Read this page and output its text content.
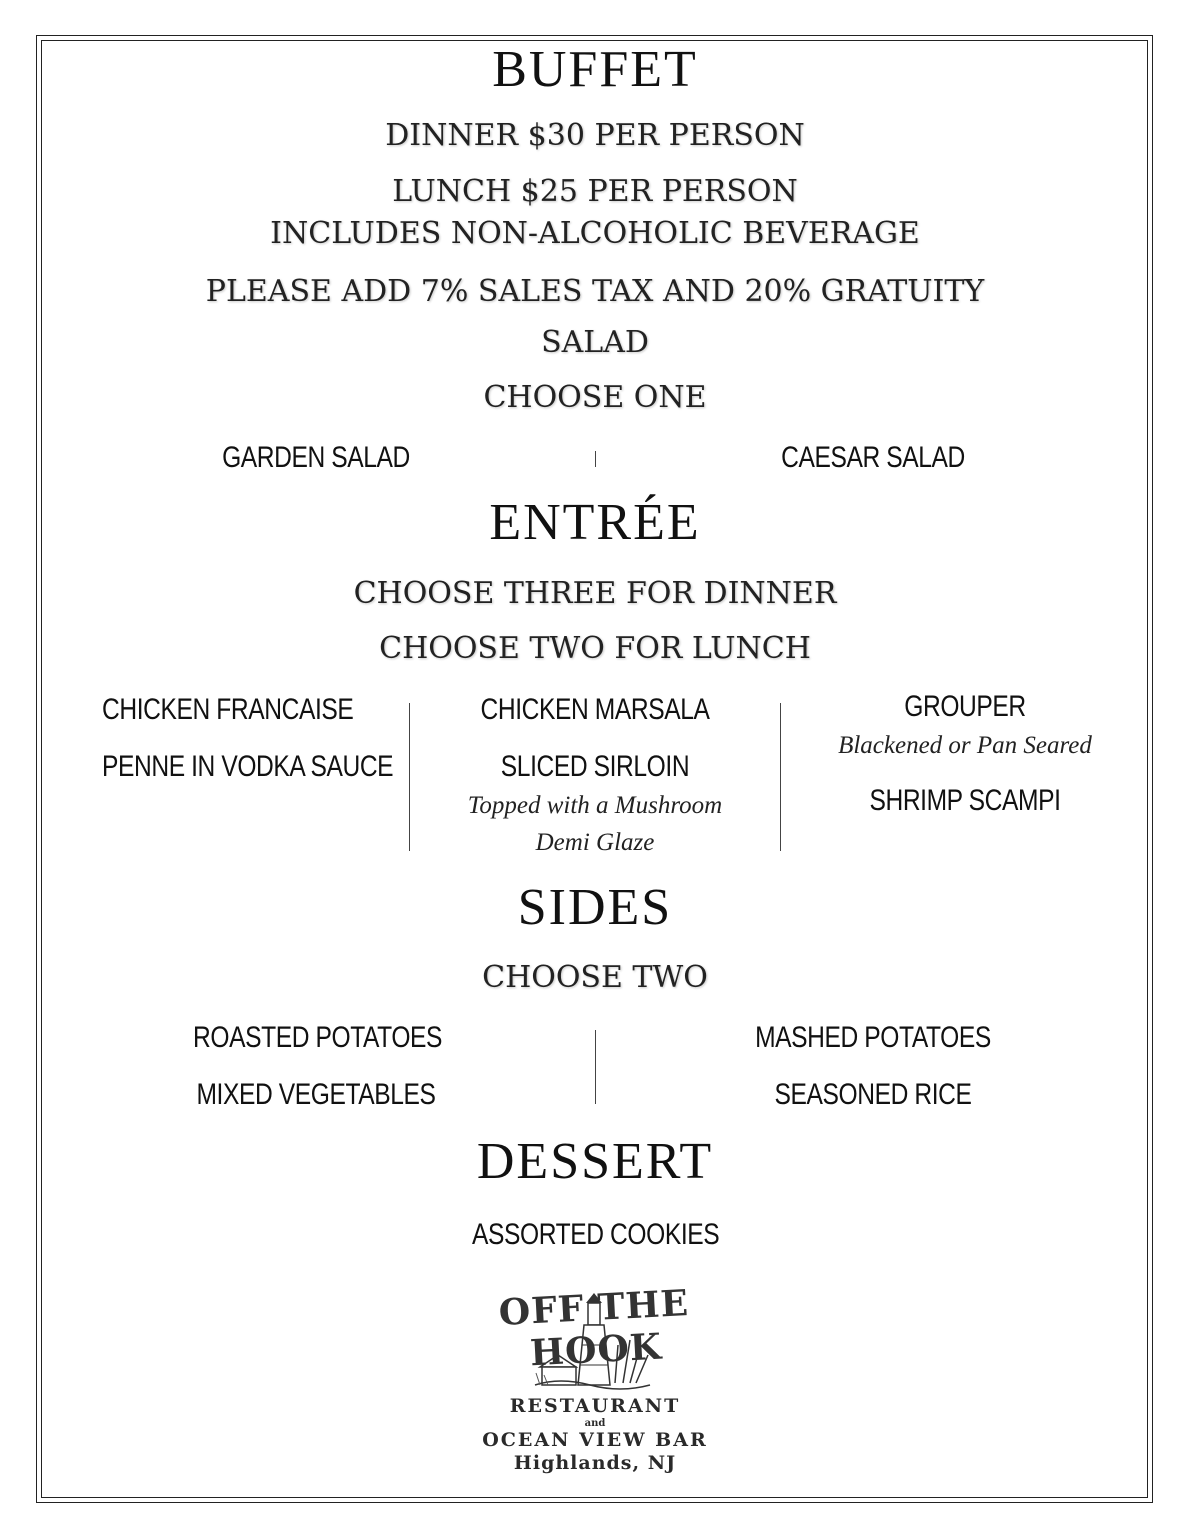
BUFFET
DINNER $30 PER PERSON
LUNCH $25 PER PERSON
INCLUDES NON-ALCOHOLIC BEVERAGE
PLEASE ADD 7% SALES TAX AND 20% GRATUITY
SALAD
CHOOSE ONE
GARDEN SALAD	CAESAR SALAD
ENTRÉE
CHOOSE THREE FOR DINNER
CHOOSE TWO FOR LUNCH
CHICKEN FRANCAISE
PENNE IN VODKA SAUCE
CHICKEN MARSALA
SLICED SIRLOIN
Topped with a Mushroom
Demi Glaze
GROUPER
Blackened or Pan Seared
SHRIMP SCAMPI
SIDES
CHOOSE TWO
ROASTED POTATOES
MIXED VEGETABLES
MASHED POTATOES
SEASONED RICE
DESSERT
ASSORTED COOKIES
OFF THE HOOK
RESTAURANT
and
OCEAN VIEW BAR
Highlands, NJ
